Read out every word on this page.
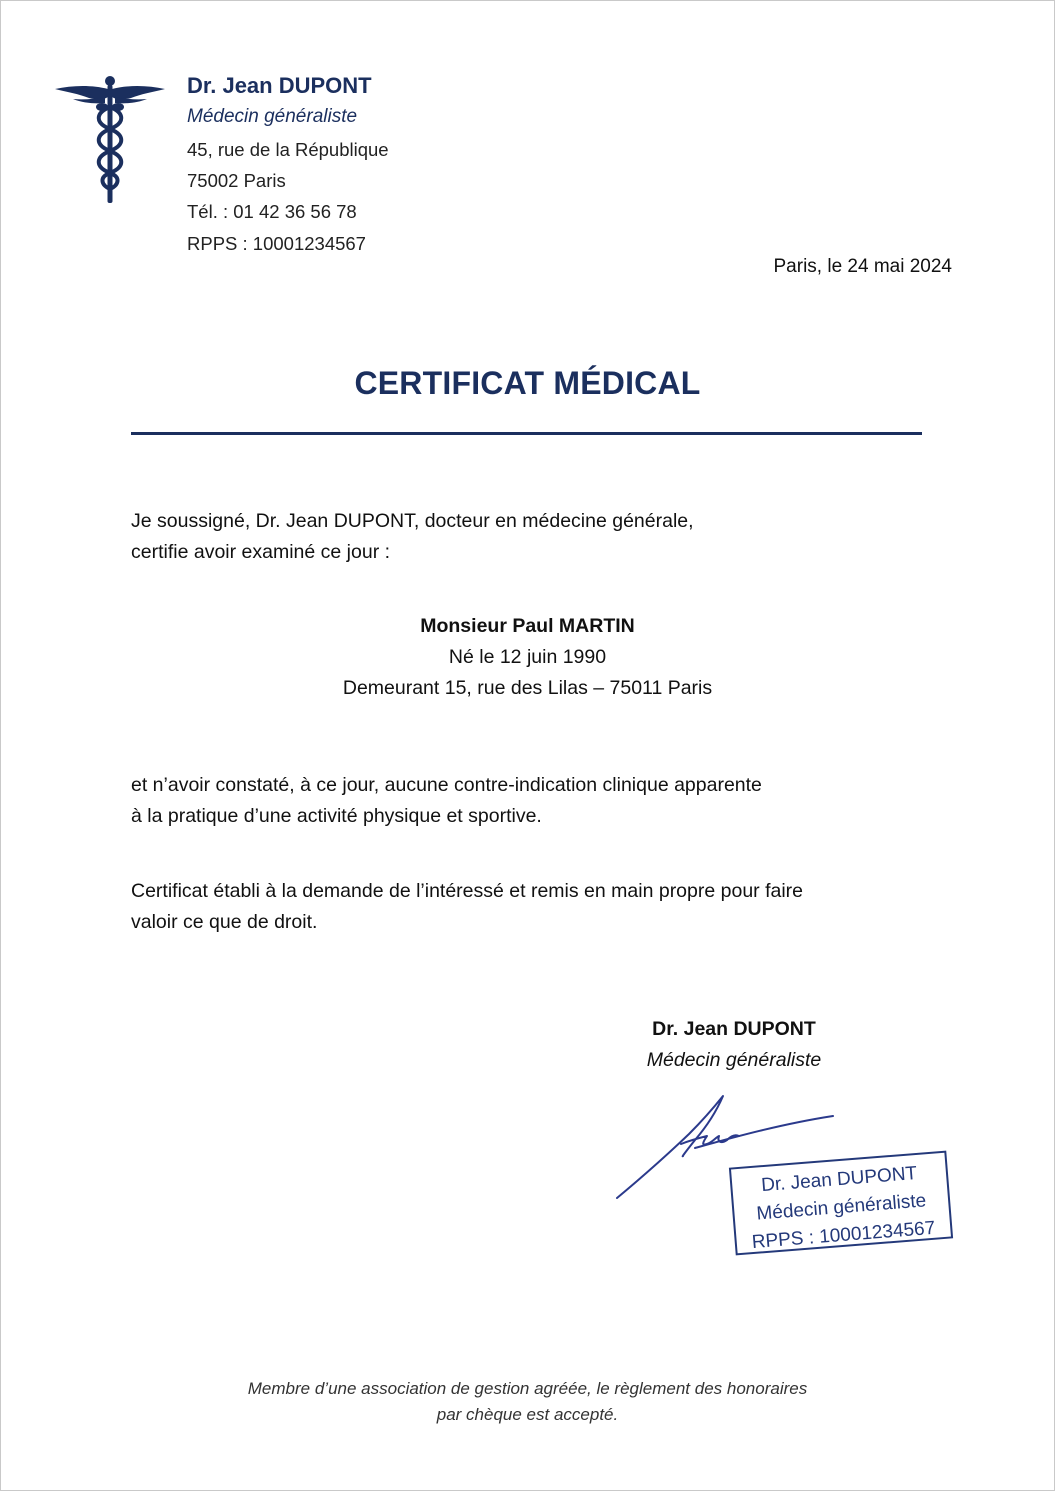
Dr. Jean DUPONT
Médecin généraliste
45, rue de la République
75002 Paris
Tél. : 01 42 36 56 78
RPPS : 10001234567
Paris, le 24 mai 2024
CERTIFICAT MÉDICAL
Je soussigné, Dr. Jean DUPONT, docteur en médecine générale,
certifie avoir examiné ce jour :
Monsieur Paul MARTIN
Né le 12 juin 1990
Demeurant 15, rue des Lilas – 75011 Paris
et n’avoir constaté, à ce jour, aucune contre-indication clinique apparente
à la pratique d’une activité physique et sportive.
Certificat établi à la demande de l’intéressé et remis en main propre pour faire
valoir ce que de droit.
Dr. Jean DUPONT
Médecin généraliste
Dr. Jean DUPONT
Médecin généraliste
RPPS : 10001234567
Membre d’une association de gestion agréée, le règlement des honoraires
par chèque est accepté.
